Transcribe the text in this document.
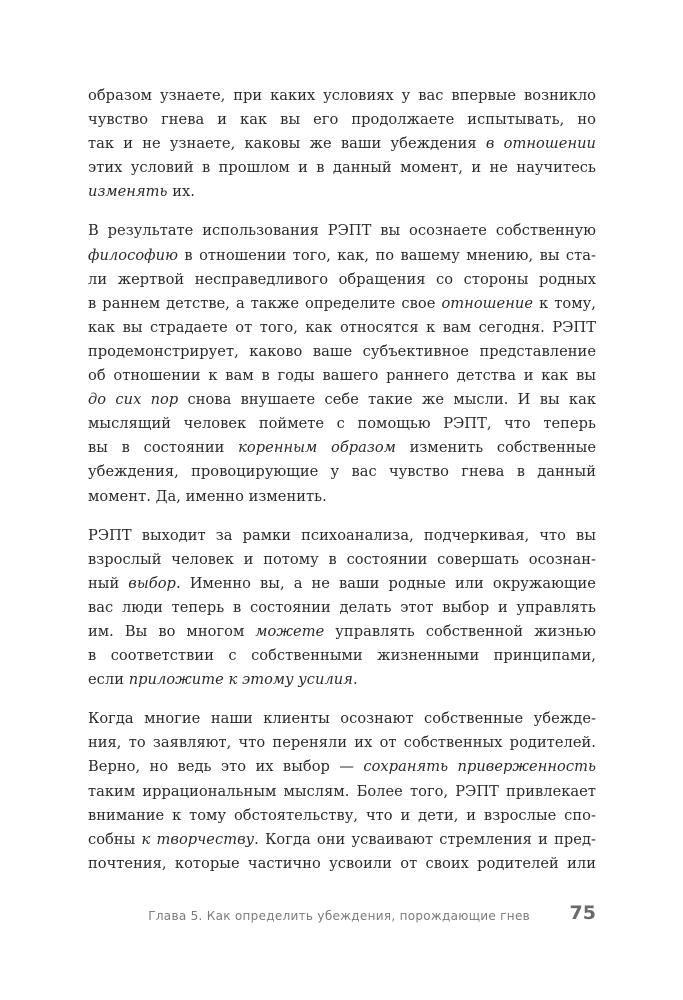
образом узнаете, при каких условиях у вас впервые возникло
чувство гнева и как вы его продолжаете испытывать, но
так и не узнаете, каковы же ваши убеждения в отношении
этих условий в прошлом и в данный момент, и не научитесь
изменять их.

В результате использования РЭПТ вы осознаете собственную
философию в отношении того, как, по вашему мнению, вы ста-
ли жертвой несправедливого обращения со стороны родных
в раннем детстве, а также определите свое отношение к тому,
как вы страдаете от того, как относятся к вам сегодня. РЭПТ
продемонстрирует, каково ваше субъективное представление
об отношении к вам в годы вашего раннего детства и как вы
до сих пор снова внушаете себе такие же мысли. И вы как
мыслящий человек поймете с помощью РЭПТ, что теперь
вы в состоянии коренным образом изменить собственные
убеждения, провоцирующие у вас чувство гнева в данный
момент. Да, именно изменить.

РЭПТ выходит за рамки психоанализа, подчеркивая, что вы
взрослый человек и потому в состоянии совершать осознан-
ный выбор. Именно вы, а не ваши родные или окружающие
вас люди теперь в состоянии делать этот выбор и управлять
им. Вы во многом можете управлять собственной жизнью
в соответствии с собственными жизненными принципами,
если приложите к этому усилия.

Когда многие наши клиенты осознают собственные убежде-
ния, то заявляют, что переняли их от собственных родителей.
Верно, но ведь это их выбор — сохранять приверженность
таким иррациональным мыслям. Более того, РЭПТ привлекает
внимание к тому обстоятельству, что и дети, и взрослые спо-
собны к творчеству. Когда они усваивают стремления и пред-
почтения, которые частично усвоили от своих родителей или

Глава 5. Как определить убеждения, порождающие гнев 75
